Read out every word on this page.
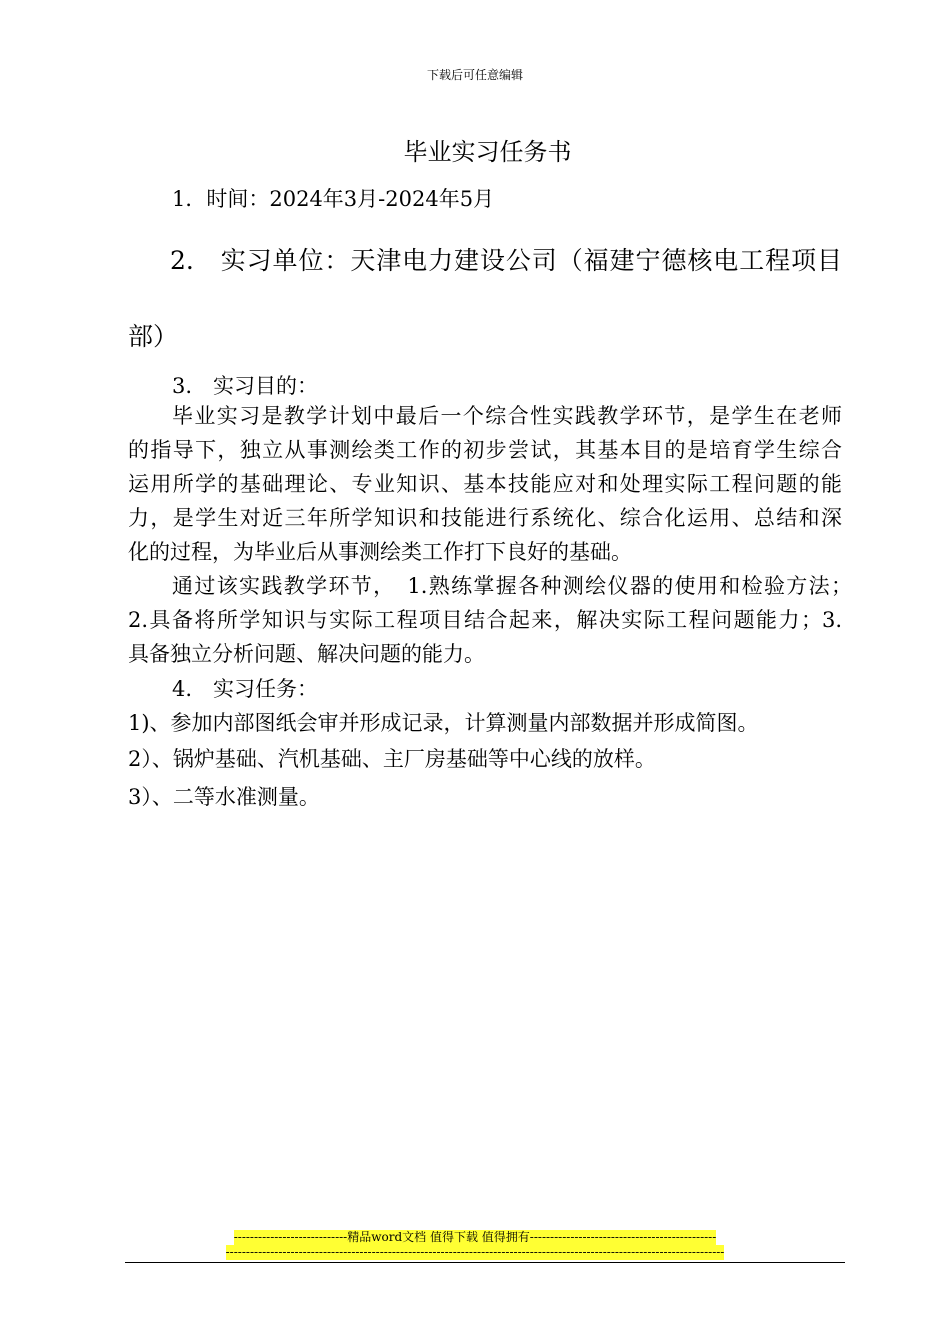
下载后可任意编辑
毕业实习任务书
1．时间：2024年3月-2024年5月
2.　实习单位：天津电力建设公司（福建宁德核电工程项目
部）
3.　实习目的：
毕业实习是教学计划中最后一个综合性实践教学环节，是学生在老师
的指导下，独立从事测绘类工作的初步尝试，其基本目的是培育学生综合
运用所学的基础理论、专业知识、基本技能应对和处理实际工程问题的能
力，是学生对近三年所学知识和技能进行系统化、综合化运用、总结和深
化的过程，为毕业后从事测绘类工作打下良好的基础。
通过该实践教学环节，　1.熟练掌握各种测绘仪器的使用和检验方法；
2.具备将所学知识与实际工程项目结合起来，解决实际工程问题能力；3.
具备独立分析问题、解决问题的能力。
4.　实习任务：
1)、参加内部图纸会审并形成记录，计算测量内部数据并形成简图。
2）、锅炉基础、汽机基础、主厂房基础等中心线的放样。
3）、二等水准测量。
----------------------------精品word文档 值得下载 值得拥有----------------------------------------------
---------------------------------------------------------------------------------------------------------------------------
